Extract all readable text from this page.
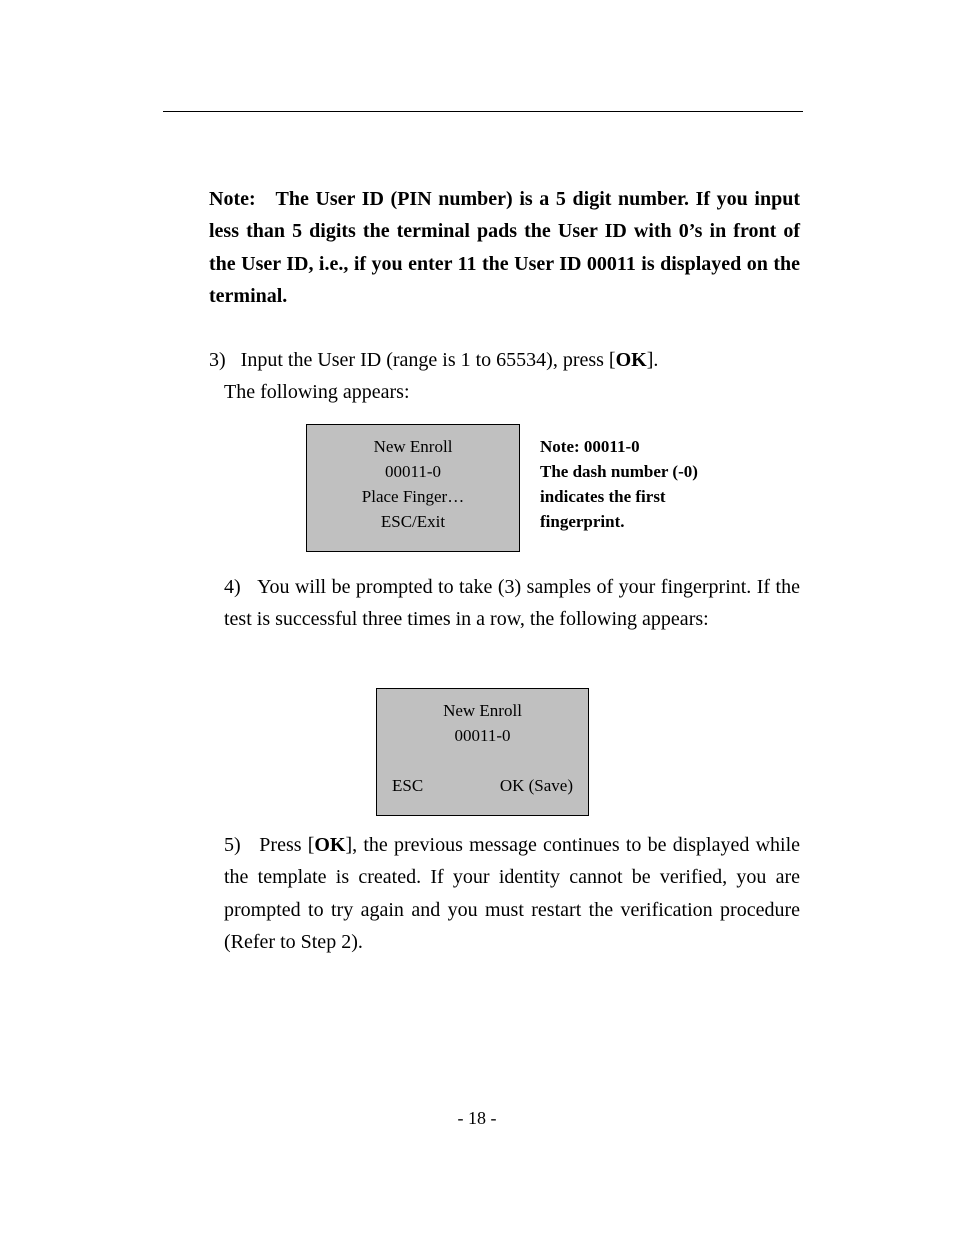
Note: The User ID (PIN number) is a 5 digit number. If you input less than 5 digits the terminal pads the User ID with 0’s in front of the User ID, i.e., if you enter 11 the User ID 00011 is displayed on the terminal.
3) Input the User ID (range is 1 to 65534), press [OK].
The following appears:
New Enroll
00011-0
Place Finger…
ESC/Exit
Note: 00011-0
The dash number (-0)
indicates the first
fingerprint.
4) You will be prompted to take (3) samples of your fingerprint. If the test is successful three times in a row, the following appears:
New Enroll
00011-0
ESC	OK (Save)
5) Press [OK], the previous message continues to be displayed while the template is created. If your identity cannot be verified, you are prompted to try again and you must restart the verification procedure (Refer to Step 2).
- 18 -
